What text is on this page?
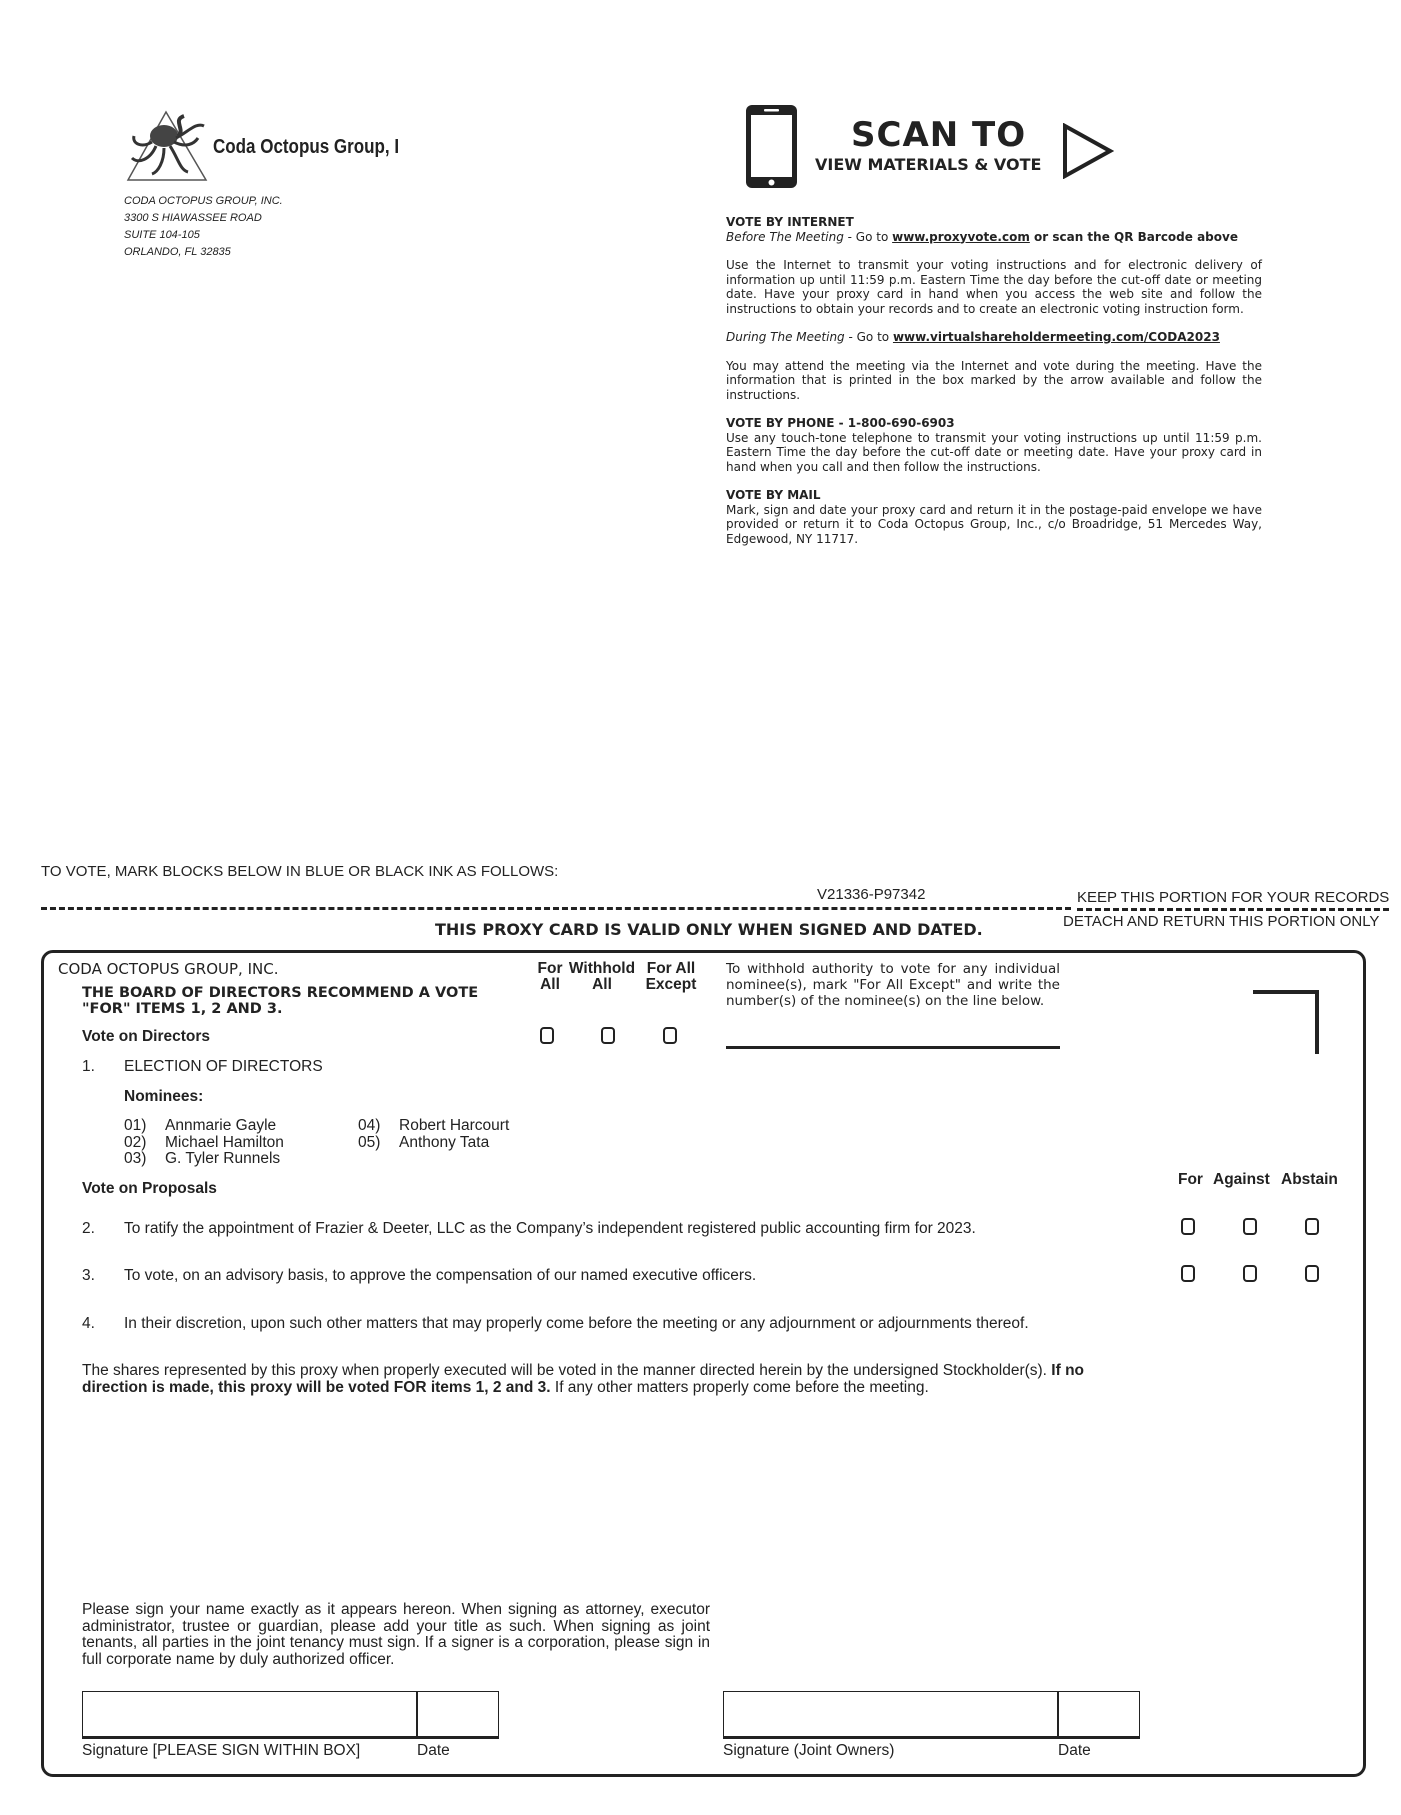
Coda Octopus Group, I
CODA OCTOPUS GROUP, INC.
3300 S HIAWASSEE ROAD
SUITE 104-105
ORLANDO, FL 32835
SCAN TO
VIEW MATERIALS & VOTE
VOTE BY INTERNET

Before The Meeting - Go to www.proxyvote.com or scan the QR Barcode above

Use the Internet to transmit your voting instructions and for electronic delivery of information up until 11:59 p.m. Eastern Time the day before the cut-off date or meeting date. Have your proxy card in hand when you access the web site and follow the instructions to obtain your records and to create an electronic voting instruction form.

During The Meeting - Go to www.virtualshareholdermeeting.com/CODA2023

You may attend the meeting via the Internet and vote during the meeting. Have the information that is printed in the box marked by the arrow available and follow the instructions.

VOTE BY PHONE - 1-800-690-6903

Use any touch-tone telephone to transmit your voting instructions up until 11:59 p.m. Eastern Time the day before the cut-off date or meeting date. Have your proxy card in hand when you call and then follow the instructions.

VOTE BY MAIL

Mark, sign and date your proxy card and return it in the postage-paid envelope we have provided or return it to Coda Octopus Group, Inc., c/o Broadridge, 51 Mercedes Way, Edgewood, NY 11717.

TO VOTE, MARK BLOCKS BELOW IN BLUE OR BLACK INK AS FOLLOWS:
V21336-P97342	KEEP THIS PORTION FOR YOUR RECORDS
DETACH AND RETURN THIS PORTION ONLY
THIS PROXY CARD IS VALID ONLY WHEN SIGNED AND DATED.
CODA OCTOPUS GROUP, INC.
THE BOARD OF DIRECTORS RECOMMEND A VOTE "FOR" ITEMS 1, 2 AND 3.
For
All
Withhold
All
For All
Except
To withhold authority to vote for any individual nominee(s), mark "For All Except" and write the number(s) of the nominee(s) on the line below.
Vote on Directors
1. ELECTION OF DIRECTORS
Nominees:
01) Annmarie Gayle
02) Michael Hamilton
03) G. Tyler Runnels
04) Robert Harcourt
05) Anthony Tata
Vote on Proposals
For Against Abstain
2. To ratify the appointment of Frazier & Deeter, LLC as the Company’s independent registered public accounting firm for 2023.
3. To vote, on an advisory basis, to approve the compensation of our named executive officers.
4. In their discretion, upon such other matters that may properly come before the meeting or any adjournment or adjournments thereof.
The shares represented by this proxy when properly executed will be voted in the manner directed herein by the undersigned Stockholder(s). If no direction is made, this proxy will be voted FOR items 1, 2 and 3. If any other matters properly come before the meeting.
Please sign your name exactly as it appears hereon. When signing as attorney, executor administrator, trustee or guardian, please add your title as such. When signing as joint tenants, all parties in the joint tenancy must sign. If a signer is a corporation, please sign in full corporate name by duly authorized officer.
Signature [PLEASE SIGN WITHIN BOX]	Date	Signature (Joint Owners)	Date
